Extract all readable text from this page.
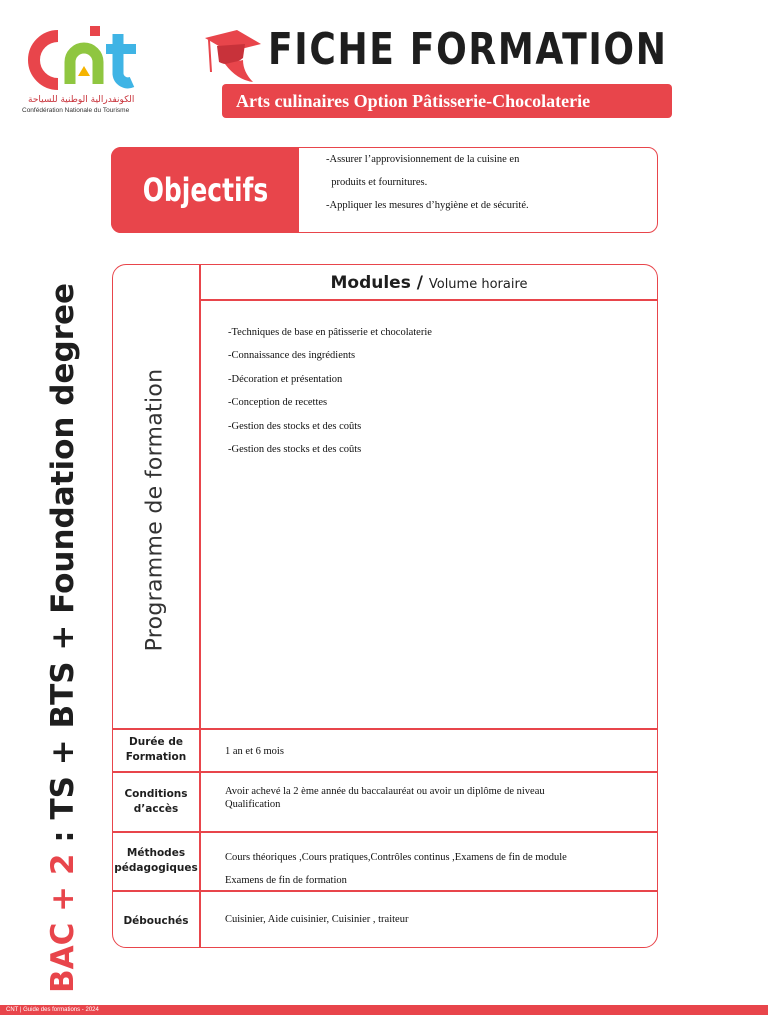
الكونفدرالية الوطنية للسياحة
Confédération Nationale du Tourisme
FICHE FORMATION
Arts culinaires Option Pâtisserie-Chocolaterie
Objectifs
-Assurer l’approvisionnement de la cuisine en
produits et fournitures.
-Appliquer les mesures d’hygiène et de sécurité.
Modules / Volume horaire
Programme de formation
-Techniques de base en pâtisserie et chocolaterie
-Connaissance des ingrédients
-Décoration et présentation
-Conception de recettes
-Gestion des stocks et des coûts
-Gestion des stocks et des coûts
Durée de
Formation	1 an et 6 mois
Conditions
d’accès
Avoir achevé la 2 ème année du baccalauréat ou avoir un diplôme de niveau Qualification
Méthodes
pédagogiques
Cours théoriques ,Cours pratiques,Contrôles continus ,Examens de fin de module
Examens de fin de formation
Débouchés	Cuisinier, Aide cuisinier, Cuisinier , traiteur
BAC + 2 : TS + BTS + Foundation degree
CNT | Guide des formations - 2024
